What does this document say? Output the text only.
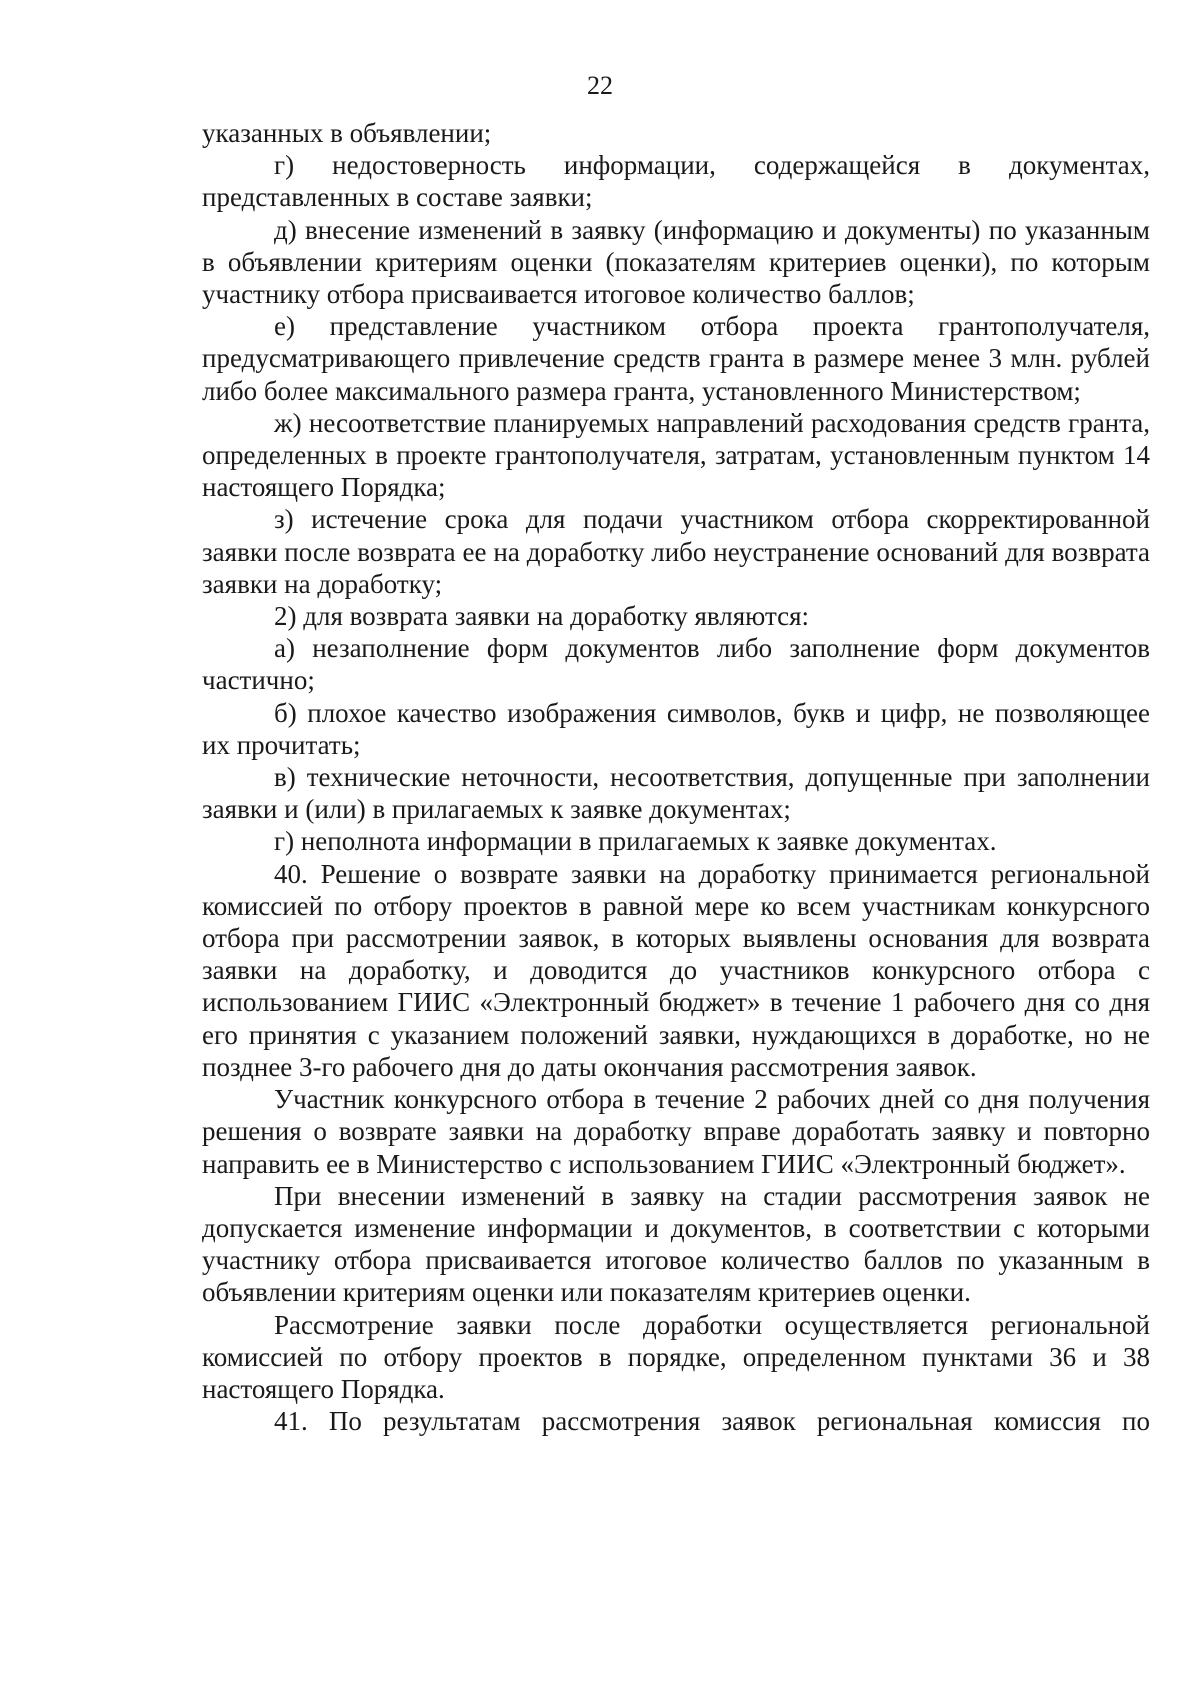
22

указанных в объявлении;

г) недостоверность информации, содержащейся в документах, представленных в составе заявки;

д) внесение изменений в заявку (информацию и документы) по указанным в объявлении критериям оценки (показателям критериев оценки), по которым участнику отбора присваивается итоговое количество баллов;

е) представление участником отбора проекта грантополучателя, предусматривающего привлечение средств гранта в размере менее 3 млн. рублей либо более максимального размера гранта, установленного Министерством;

ж) несоответствие планируемых направлений расходования средств гранта, определенных в проекте грантополучателя, затратам, установленным пунктом 14 настоящего Порядка;

з) истечение срока для подачи участником отбора скорректированной заявки после возврата ее на доработку либо неустранение оснований для возврата заявки на доработку;

2) для возврата заявки на доработку являются:

а) незаполнение форм документов либо заполнение форм документов частично;

б) плохое качество изображения символов, букв и цифр, не позволяющее их прочитать;

в) технические неточности, несоответствия, допущенные при заполнении заявки и (или) в прилагаемых к заявке документах;

г) неполнота информации в прилагаемых к заявке документах.

40. Решение о возврате заявки на доработку принимается региональной комиссией по отбору проектов в равной мере ко всем участникам конкурсного отбора при рассмотрении заявок, в которых выявлены основания для возврата заявки на доработку, и доводится до участников конкурсного отбора с использованием ГИИС «Электронный бюджет» в течение 1 рабочего дня со дня его принятия с указанием положений заявки, нуждающихся в доработке, но не позднее 3-го рабочего дня до даты окончания рассмотрения заявок.

Участник конкурсного отбора в течение 2 рабочих дней со дня получения решения о возврате заявки на доработку вправе доработать заявку и повторно направить ее в Министерство с использованием ГИИС «Электронный бюджет».

При внесении изменений в заявку на стадии рассмотрения заявок не допускается изменение информации и документов, в соответствии с которыми участнику отбора присваивается итоговое количество баллов по указанным в объявлении критериям оценки или показателям критериев оценки.

Рассмотрение заявки после доработки осуществляется региональной комиссией по отбору проектов в порядке, определенном пунктами 36 и 38 настоящего Порядка.

41. По результатам рассмотрения заявок региональная комиссия по
